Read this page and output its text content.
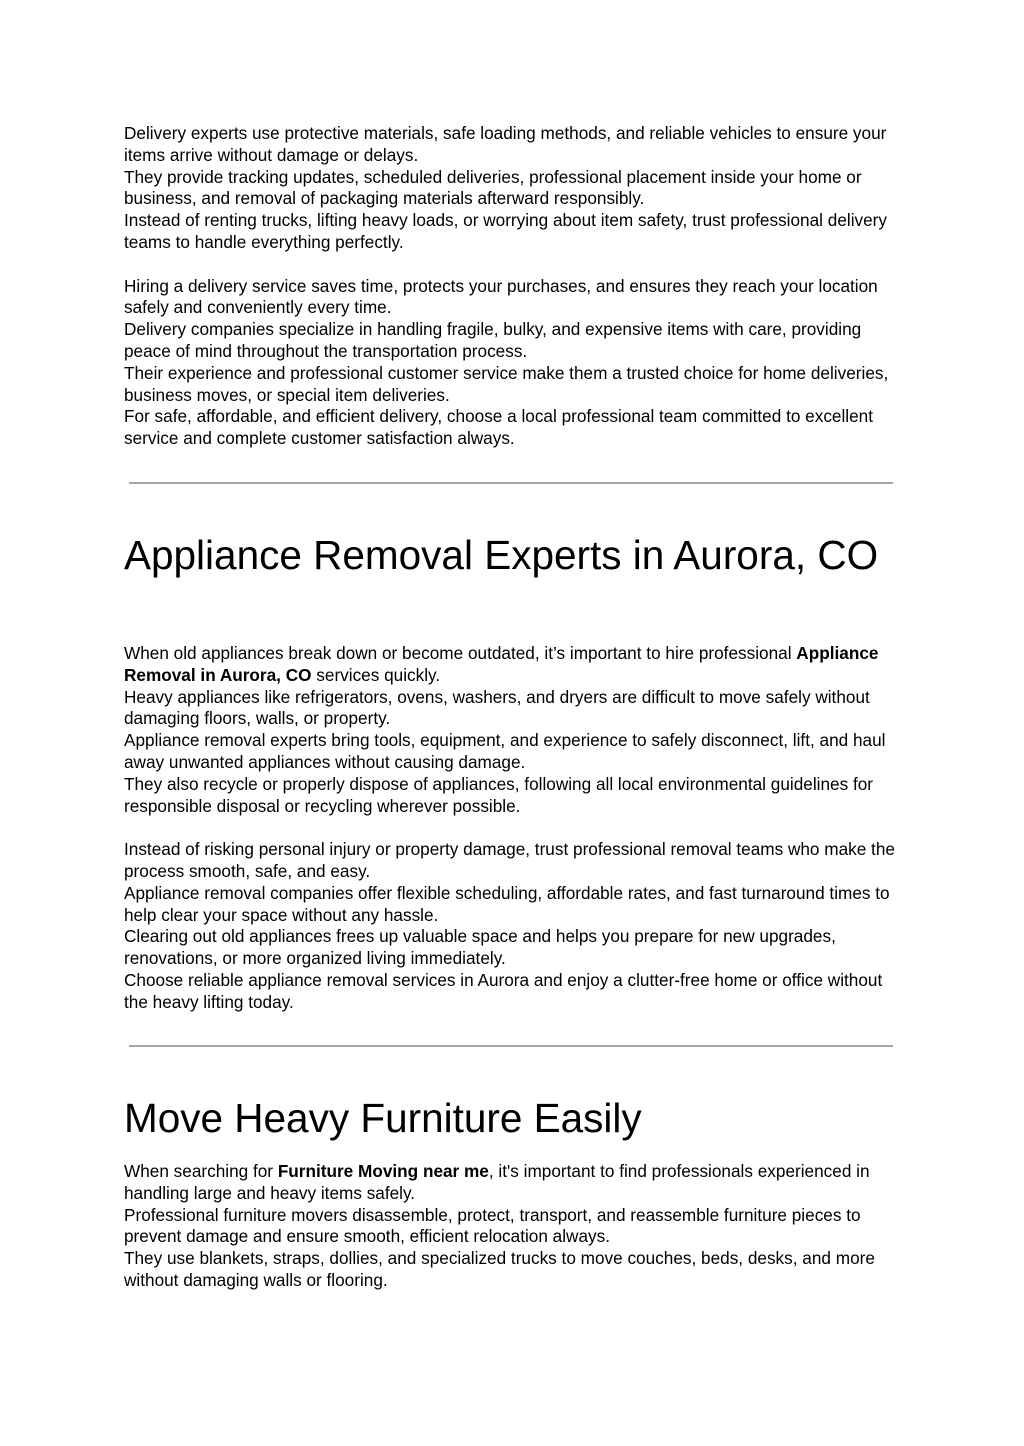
Delivery experts use protective materials, safe loading methods, and reliable vehicles to ensure your items arrive without damage or delays.

They provide tracking updates, scheduled deliveries, professional placement inside your home or business, and removal of packaging materials afterward responsibly.

Instead of renting trucks, lifting heavy loads, or worrying about item safety, trust professional delivery teams to handle everything perfectly.

Hiring a delivery service saves time, protects your purchases, and ensures they reach your location safely and conveniently every time.

Delivery companies specialize in handling fragile, bulky, and expensive items with care, providing peace of mind throughout the transportation process.

Their experience and professional customer service make them a trusted choice for home deliveries, business moves, or special item deliveries.

For safe, affordable, and efficient delivery, choose a local professional team committed to excellent service and complete customer satisfaction always.

Appliance Removal Experts in Aurora, CO

When old appliances break down or become outdated, it’s important to hire professional Appliance Removal in Aurora, CO services quickly.

Heavy appliances like refrigerators, ovens, washers, and dryers are difficult to move safely without damaging floors, walls, or property.

Appliance removal experts bring tools, equipment, and experience to safely disconnect, lift, and haul away unwanted appliances without causing damage.

They also recycle or properly dispose of appliances, following all local environmental guidelines for responsible disposal or recycling wherever possible.

Instead of risking personal injury or property damage, trust professional removal teams who make the process smooth, safe, and easy.

Appliance removal companies offer flexible scheduling, affordable rates, and fast turnaround times to help clear your space without any hassle.

Clearing out old appliances frees up valuable space and helps you prepare for new upgrades, renovations, or more organized living immediately.

Choose reliable appliance removal services in Aurora and enjoy a clutter-free home or office without the heavy lifting today.

Move Heavy Furniture Easily

When searching for Furniture Moving near me, it's important to find professionals experienced in handling large and heavy items safely.

Professional furniture movers disassemble, protect, transport, and reassemble furniture pieces to prevent damage and ensure smooth, efficient relocation always.

They use blankets, straps, dollies, and specialized trucks to move couches, beds, desks, and more without damaging walls or flooring.
